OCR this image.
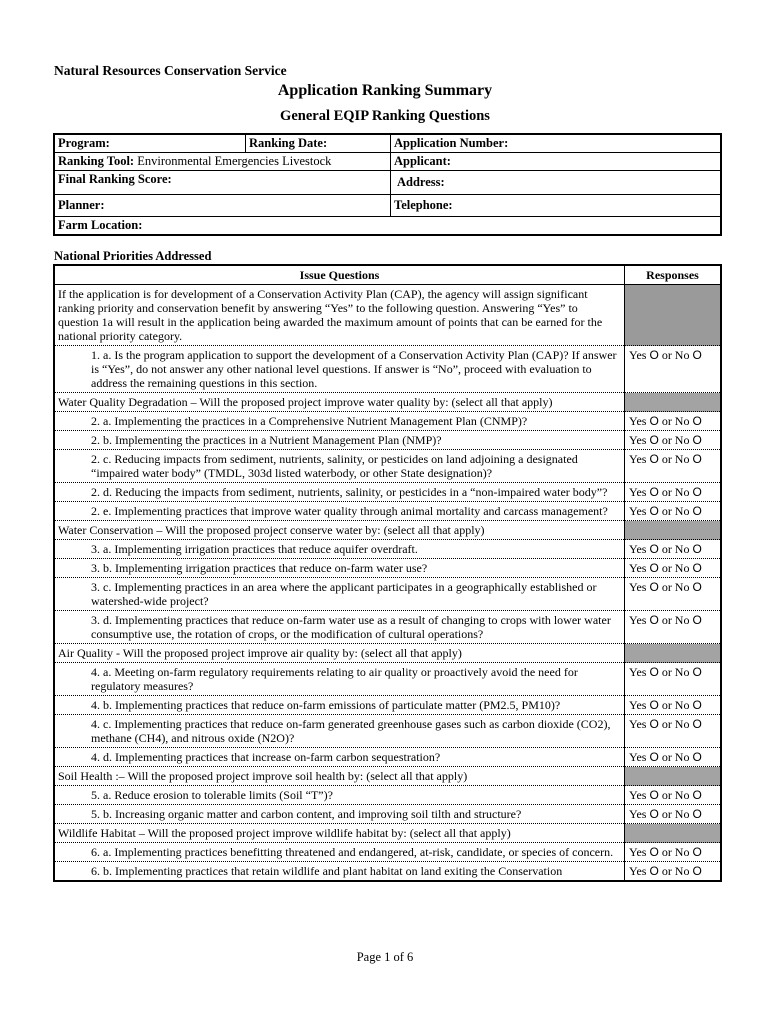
Natural Resources Conservation Service
Application Ranking Summary
General EQIP Ranking Questions
Program:	Ranking Date:	Application Number:
Ranking Tool: Environmental Emergencies Livestock		Applicant:
Final Ranking Score:		Address:
Planner:		Telephone:
Farm Location:		
National Priorities Addressed
Issue Questions	Responses
If the application is for development of a Conservation Activity Plan (CAP), the agency will assign significant ranking priority and conservation benefit by answering “Yes” to the following question. Answering “Yes” to question 1a will result in the application being awarded the maximum amount of points that can be earned for the national priority category.	
1. a. Is the program application to support the development of a Conservation Activity Plan (CAP)? If answer is “Yes”, do not answer any other national level questions. If answer is “No”, proceed with evaluation to address the remaining questions in this section.	Yes O or No O
Water Quality Degradation – Will the proposed project improve water quality by: (select all that apply)	
2. a. Implementing the practices in a Comprehensive Nutrient Management Plan (CNMP)?	Yes O or No O
2. b. Implementing the practices in a Nutrient Management Plan (NMP)?	Yes O or No O
2. c. Reducing impacts from sediment, nutrients, salinity, or pesticides on land adjoining a designated “impaired water body” (TMDL, 303d listed waterbody, or other State designation)?	Yes O or No O
2. d. Reducing the impacts from sediment, nutrients, salinity, or pesticides in a “non-impaired water body”?	Yes O or No O
2. e. Implementing practices that improve water quality through animal mortality and carcass management?	Yes O or No O
Water Conservation – Will the proposed project conserve water by: (select all that apply)	
3. a. Implementing irrigation practices that reduce aquifer overdraft.	Yes O or No O
3. b. Implementing irrigation practices that reduce on-farm water use?	Yes O or No O
3. c. Implementing practices in an area where the applicant participates in a geographically established or watershed-wide project?	Yes O or No O
3. d. Implementing practices that reduce on-farm water use as a result of changing to crops with lower water consumptive use, the rotation of crops, or the modification of cultural operations?	Yes O or No O
Air Quality - Will the proposed project improve air quality by: (select all that apply)	
4. a. Meeting on-farm regulatory requirements relating to air quality or proactively avoid the need for regulatory measures?	Yes O or No O
4. b. Implementing practices that reduce on-farm emissions of particulate matter (PM2.5, PM10)?	Yes O or No O
4. c. Implementing practices that reduce on-farm generated greenhouse gases such as carbon dioxide (CO2), methane (CH4), and nitrous oxide (N2O)?	Yes O or No O
4. d. Implementing practices that increase on-farm carbon sequestration?	Yes O or No O
Soil Health :– Will the proposed project improve soil health by: (select all that apply)	
5. a. Reduce erosion to tolerable limits (Soil “T”)?	Yes O or No O
5. b. Increasing organic matter and carbon content, and improving soil tilth and structure?	Yes O or No O
Wildlife Habitat – Will the proposed project improve wildlife habitat by: (select all that apply)	
6. a. Implementing practices benefitting threatened and endangered, at-risk, candidate, or species of concern.	Yes O or No O
6. b. Implementing practices that retain wildlife and plant habitat on land exiting the Conservation	Yes O or No O
Page 1 of 6
